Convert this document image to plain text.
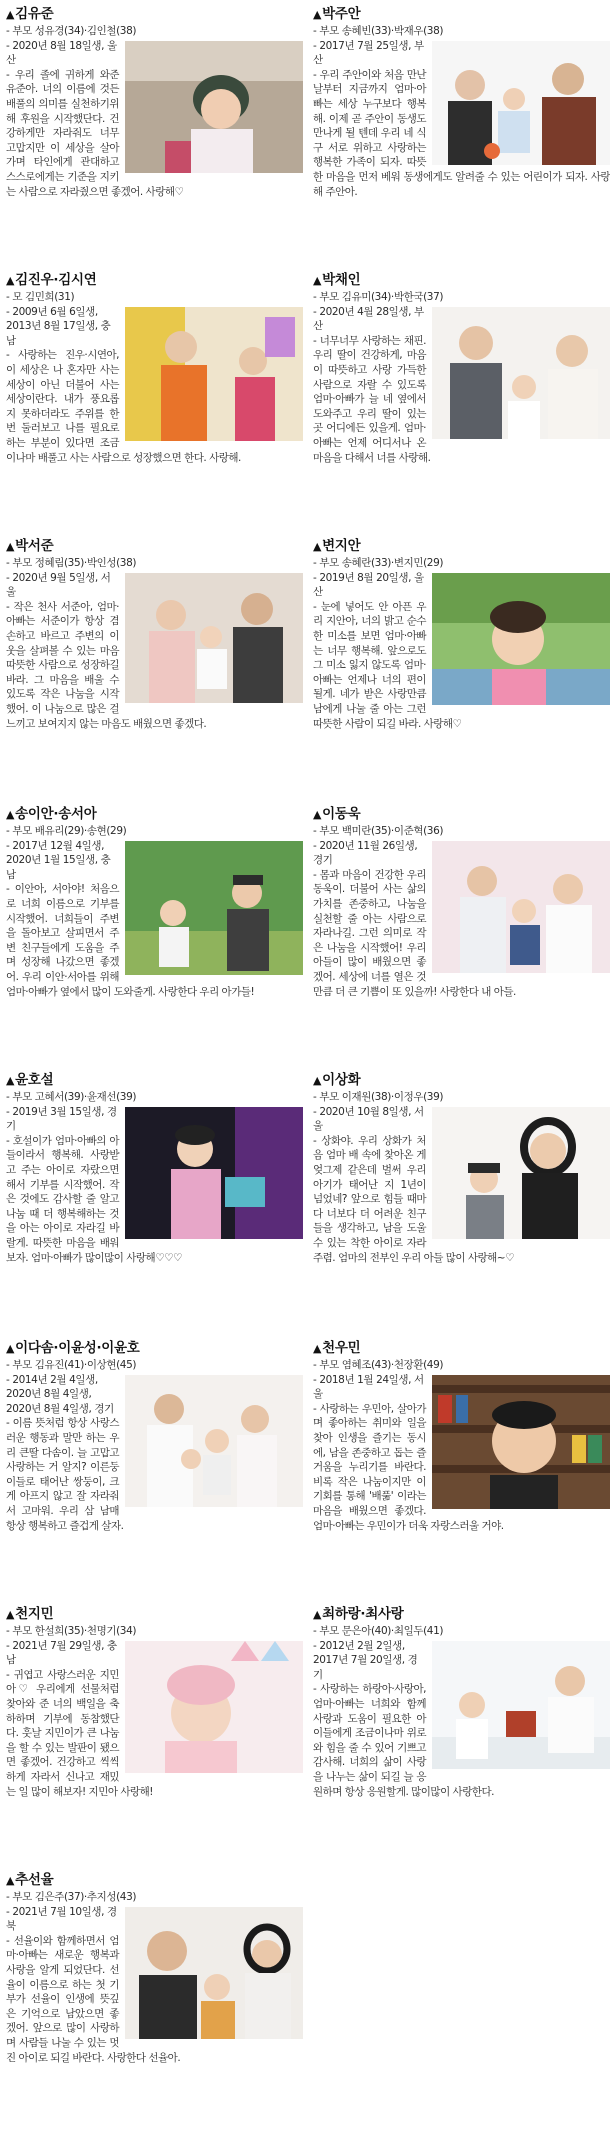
▲김유준
- 부모 성유경(34)·김인철(38)
- 2020년 8월 18일생, 울산
- 우리 졸에 귀하게 와준 유준아. 너의 이름에 것든 배풀의 의미를 실천하기위해 후원을 시작했단다. 건강하게만 자라줘도 너무 고맙지만 이 세상을 살아가며 타인에게 관대하고 스스로에게는 기준을 지키는 사람으로 자라줬으면 좋겠어. 사랑해♡
▲박주안
- 부모 송혜빈(33)·박재우(38)
- 2017년 7월 25일생, 부산
- 우리 주안이와 처음 만난 날부터 지금까지 엄마·아빠는 세상 누구보다 행복해. 이제 곧 주안이 동생도 만나게 될 텐데 우리 네 식구 서로 위하고 사랑하는 행복한 가족이 되자. 따뜻한 마음을 먼저 베워 동생에게도 알려줄 수 있는 어린이가 되자. 사랑해 주안아.
▲김진우·김시연
- 모 김민희(31)
- 2009년 6월 6일생, 2013년 8월 17일생, 충남
- 사랑하는 진우·시연아, 이 세상은 나 혼자만 사는 세상이 아닌 더불어 사는 세상이란다. 내가 풍요롭지 못하더라도 주위를 한번 둘러보고 나를 필요로 하는 부분이 있다면 조금이나마 배풀고 사는 사람으로 성장했으면 한다. 사랑해.
▲박채인
- 부모 김유미(34)·박한국(37)
- 2020년 4월 28일생, 부산
- 너무너무 사랑하는 채핀. 우리 딸이 건강하게, 마음이 따뜻하고 사랑 가득한 사람으로 자랄 수 있도록 엄마·아빠가 늘 네 옆에서 도와주고 우리 딸이 있는 곳 어디에든 있을게. 엄마·아빠는 언제 어디서나 온 마음을 다해서 너를 사랑해.
▲박서준
- 부모 정혜림(35)·박인성(38)
- 2020년 9월 5일생, 서울
- 작은 천사 서준아, 엄마·아빠는 서준이가 항상 겸손하고 바르고 주변의 이웃을 살펴볼 수 있는 마음 따뜻한 사람으로 성장하길 바라. 그 마음을 배울 수 있도록 작은 나눔을 시작했어. 이 나눔으로 많은 걸 느끼고 보여지지 않는 마음도 배웠으면 좋겠다.
▲변지안
- 부모 송혜란(33)·변지민(29)
- 2019년 8월 20일생, 울산
- 눈에 넣어도 안 아픈 우리 지안아, 너의 밝고 순수한 미소를 보면 엄마·아빠는 너무 행복해. 앞으로도 그 미소 잃지 않도록 엄마·아빠는 언제나 너의 편이 될게. 네가 받은 사랑만큼 남에게 나눌 줄 아는 그런 따뜻한 사람이 되길 바라. 사랑해♡
▲송이안·송서아
- 부모 배유리(29)·송현(29)
- 2017년 12월 4일생, 2020년 1월 15일생, 충남
- 이안아, 서아야! 처음으로 너희 이름으로 기부를 시작했어. 너희들이 주변을 돌아보고 살피면서 주변 친구들에게 도움을 주며 성장해 나갔으면 좋겠어. 우리 이안·서아를 위해 엄마·아빠가 옆에서 많이 도와줄게. 사랑한다 우리 아가들!
▲이동욱
- 부모 백미란(35)·이준혁(36)
- 2020년 11월 26일생, 경기
- 몸과 마음이 건강한 우리 동욱이. 더불어 사는 삶의 가치를 존중하고, 나눔을 실천할 줄 아는 사람으로 자라나길. 그런 의미로 작은 나눔을 시작했어! 우리 아들이 많이 배웠으면 좋겠어. 세상에 너를 열은 것만큼 더 큰 기쁨이 또 있을까! 사랑한다 내 아들.
▲윤호설
- 부모 고혜서(39)·윤재선(39)
- 2019년 3월 15일생, 경기
- 호설이가 엄마·아빠의 아들이라서 행복해. 사랑받고 주는 아이로 자랐으면 해서 기부를 시작했어. 작은 것에도 감사할 줄 알고 나눔 때 더 행복해하는 것을 아는 아이로 자라길 바랄게. 따뜻한 마음을 배워보자. 엄마·아빠가 많이많이 사랑해♡♡♡
▲이상화
- 부모 이재원(38)·이정우(39)
- 2020년 10월 8일생, 서울
- 상화야. 우리 상화가 처음 엄마 배 속에 찾아온 게 엊그제 같은데 벌써 우리 아기가 태어난 지 1년이 넘었네? 앞으로 힘들 때마다 너보다 더 어려운 친구들을 생각하고, 남을 도울 수 있는 착한 아이로 자라주렴. 엄마의 전부인 우리 아들 많이 사랑해~♡
▲이다솜·이윤성·이윤호
- 부모 김유진(41)·이상현(45)
- 2014년 2월 4일생, 2020년 8월 4일생, 2020년 8월 4일생, 경기
- 이름 뜻처럼 항상 사랑스러운 행동과 말만 하는 우리 큰딸 다솜이. 늘 고맙고 사랑하는 거 알지? 이른둥이들로 태어난 쌍둥이, 크게 아프지 않고 잘 자라줘서 고마워. 우리 삼 남매 항상 행복하고 즐겁게 살자.
▲천우민
- 부모 염혜조(43)·천장환(49)
- 2018년 1월 24일생, 서울
- 사랑하는 우민아, 살아가며 좋아하는 취미와 일을 찾아 인생을 즐기는 동시에, 남을 존중하고 돕는 즐거움을 누리기를 바란다. 비록 작은 나눔이지만 이 기회를 통해 '배풂' 이라는 마음을 배웠으면 좋겠다. 엄마·아빠는 우민이가 더욱 자랑스러울 거야.
▲천지민
- 부모 한설희(35)·천명기(34)
- 2021년 7월 29일생, 충남
- 귀엽고 사랑스러운 지민아♡ 우리에게 선물처럼 찾아와 준 너의 백일을 축하하며 기부에 동참했단다. 훗날 지민이가 큰 나눔을 할 수 있는 발판이 됐으면 좋겠어. 건강하고 씩씩하게 자라서 신나고 재밌는 일 많이 해보자! 지민아 사랑해!
▲최하랑·최사랑
- 부모 문은아(40)·최일두(41)
- 2012년 2월 2일생, 2017년 7월 20일생, 경기
- 사랑하는 하랑아·사랑아, 엄마·아빠는 너희와 함께 사랑과 도움이 필요한 아이들에게 조금이나마 위로와 힘을 줄 수 있어 기쁘고 감사해. 너희의 삶이 사랑을 나누는 삶이 되길 늘 응원하며 항상 응원할게. 많이많이 사랑한다.
▲추선율
- 부모 김은주(37)·추지성(43)
- 2021년 7월 10일생, 경북
- 선율이와 함께하면서 엄마·아빠는 새로운 행복과 사랑을 알게 되었단다. 선율이 이름으로 하는 첫 기부가 선율이 인생에 뜻깊은 기억으로 남았으면 좋겠어. 앞으로 많이 사랑하며 사람들 나눌 수 있는 멋진 아이로 되길 바란다. 사랑한다 선율아.
